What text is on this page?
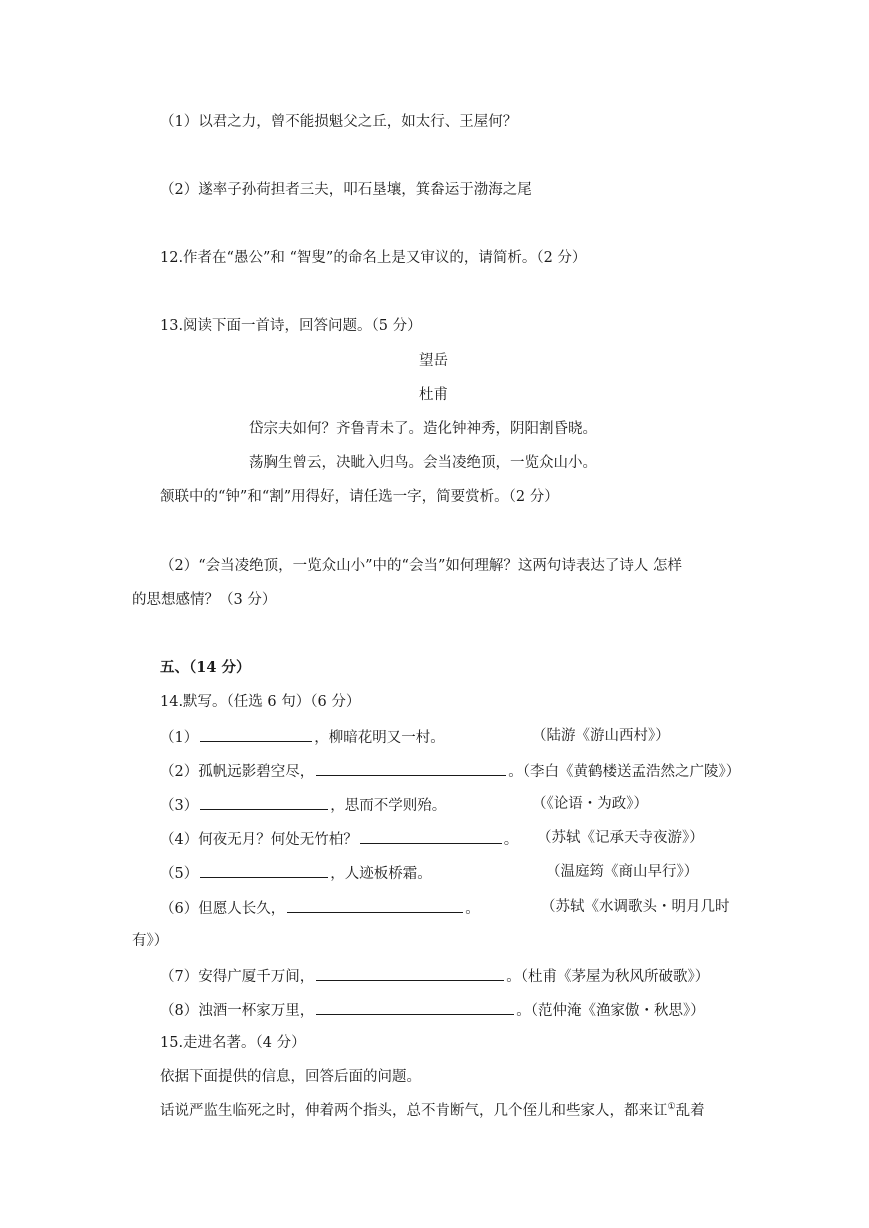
（1）以君之力，曾不能损魁父之丘，如太行、王屋何？
（2）遂率子孙荷担者三夫，叩石垦壤，箕畚运于渤海之尾
12.作者在“愚公”和 “智叟”的命名上是又审议的，请简析。（2 分）
13.阅读下面一首诗，回答问题。（5 分）
望岳
杜甫
岱宗夫如何？齐鲁青未了。造化钟神秀，阴阳割昏晓。
荡胸生曾云，决眦入归鸟。会当凌绝顶，一览众山小。
颔联中的“钟”和“割”用得好，请任选一字，简要赏析。（2 分）
（2）“会当凌绝顶，一览众山小”中的“会当”如何理解？这两句诗表达了诗人 怎样
的思想感情？（3 分）
五、（14 分）
14.默写。（任选 6 句）（6 分）
（1）	，柳暗花明又一村。	（陆游《游山西村》）
（2）孤帆远影碧空尽，	。（李白《黄鹤楼送孟浩然之广陵》）
（3）	，思而不学则殆。	（《论语・为政》）
（4）何夜无月？何处无竹柏？	。 （苏轼《记承天寺夜游》）
（5）	，人迹板桥霜。	（温庭筠《商山早行》）
（6）但愿人长久，	。	（苏轼《水调歌头・明月几时
有》）
（7）安得广厦千万间，	。（杜甫《茅屋为秋风所破歌》）
（8）浊酒一杯家万里，	。（范仲淹《渔家傲・秋思》）
15.走进名著。（4 分）
依据下面提供的信息，回答后面的问题。
话说严监生临死之时，伸着两个指头，总不肯断气，几个侄儿和些家人，都来讧①乱着
